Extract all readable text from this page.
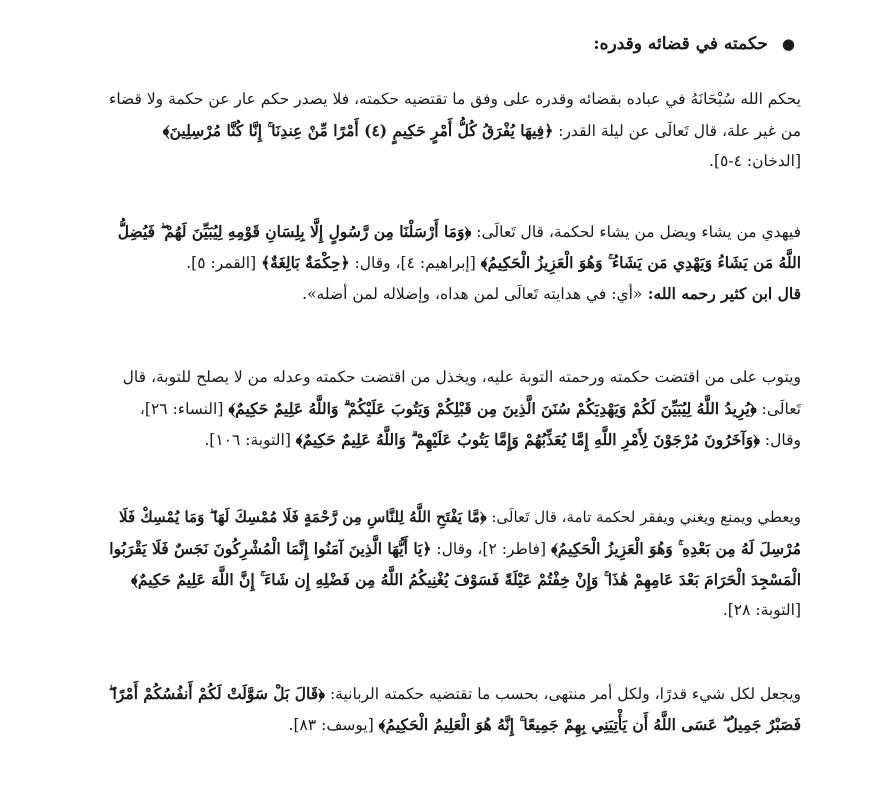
●
حكمته في قضائه وقدره:
يحكم الله سُبْحَانَهُ في عباده بقضائه وقدره على وفق ما تقتضيه حكمته، فلا يصدر حكم عار عن حكمة ولا قضاء
من غير علة، قال تَعالَى عن ليلة القدر: ﴿فِيهَا يُفْرَقُ كُلُّ أَمْرٍ حَكِيمٍ (٤) أَمْرًا مِّنْ عِندِنَا ۚ إِنَّا كُنَّا مُرْسِلِينَ﴾
[الدخان: ٤-٥].
فيهدي من يشاء ويضل من يشاء لحكمة، قال تَعالَى: ﴿وَمَا أَرْسَلْنَا مِن رَّسُولٍ إِلَّا بِلِسَانِ قَوْمِهِ لِيُبَيِّنَ لَهُمْ ۖ فَيُضِلُّ
اللَّهُ مَن يَشَاءُ وَيَهْدِي مَن يَشَاءُ ۚ وَهُوَ الْعَزِيزُ الْحَكِيمُ﴾ [إبراهيم: ٤]، وقال: ﴿حِكْمَةٌ بَالِغَةٌ﴾ [القمر: ٥].
قال ابن كثير رحمه الله: «أي: في هدايته تَعالَى لمن هداه، وإضلاله لمن أضله».
ويتوب على من اقتضت حكمته ورحمته التوبة عليه، ويخذل من اقتضت حكمته وعدله من لا يصلح للتوبة، قال
تَعالَى: ﴿يُرِيدُ اللَّهُ لِيُبَيِّنَ لَكُمْ وَيَهْدِيَكُمْ سُنَنَ الَّذِينَ مِن قَبْلِكُمْ وَيَتُوبَ عَلَيْكُمْ ۗ وَاللَّهُ عَلِيمٌ حَكِيمٌ﴾ [النساء: ٢٦]،
وقال: ﴿وَآخَرُونَ مُرْجَوْنَ لِأَمْرِ اللَّهِ إِمَّا يُعَذِّبُهُمْ وَإِمَّا يَتُوبُ عَلَيْهِمْ ۗ وَاللَّهُ عَلِيمٌ حَكِيمٌ﴾ [التوبة: ١٠٦].
ويعطي ويمنع ويغني ويفقر لحكمة تامة، قال تَعالَى: ﴿مَّا يَفْتَحِ اللَّهُ لِلنَّاسِ مِن رَّحْمَةٍ فَلَا مُمْسِكَ لَهَا ۖ وَمَا يُمْسِكْ فَلَا
مُرْسِلَ لَهُ مِن بَعْدِهِ ۚ وَهُوَ الْعَزِيزُ الْحَكِيمُ﴾ [فاطر: ٢]، وقال: ﴿يَا أَيُّهَا الَّذِينَ آمَنُوا إِنَّمَا الْمُشْرِكُونَ نَجَسٌ فَلَا يَقْرَبُوا
الْمَسْجِدَ الْحَرَامَ بَعْدَ عَامِهِمْ هَٰذَا ۚ وَإِنْ خِفْتُمْ عَيْلَةً فَسَوْفَ يُغْنِيكُمُ اللَّهُ مِن فَضْلِهِ إِن شَاءَ ۚ إِنَّ اللَّهَ عَلِيمٌ حَكِيمٌ﴾
[التوبة: ٢٨].
ويجعل لكل شيء قدرًا، ولكل أمر منتهى، بحسب ما تقتضيه حكمته الربانية: ﴿قَالَ بَلْ سَوَّلَتْ لَكُمْ أَنفُسُكُمْ أَمْرًا ۖ
فَصَبْرٌ جَمِيلٌ ۖ عَسَى اللَّهُ أَن يَأْتِيَنِي بِهِمْ جَمِيعًا ۚ إِنَّهُ هُوَ الْعَلِيمُ الْحَكِيمُ﴾ [يوسف: ٨٣].
